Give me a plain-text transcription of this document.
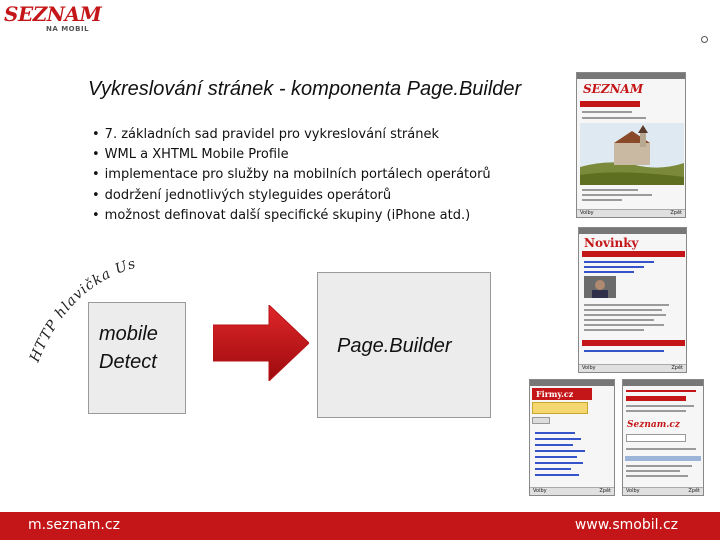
SEZNAM
NA MOBIL
Vykreslování stránek - komponenta Page.Builder
• 7. základních sad pravidel pro vykreslování stránek
• WML a XHTML Mobile Profile
• implementace pro služby na mobilních portálech operátorů
• dodržení jednotlivých styleguides operátorů
• možnost definovat další specifické skupiny (iPhone atd.)
HTTP hlavička User-Agent
mobile
Detect
Page.Builder
SEZNAM
Volby	Zpět
Novinky
Volby	Zpět
Firmy.cz
Volby	Zpět
Seznam.cz
Volby	Zpět
m.seznam.cz	www.smobil.cz
